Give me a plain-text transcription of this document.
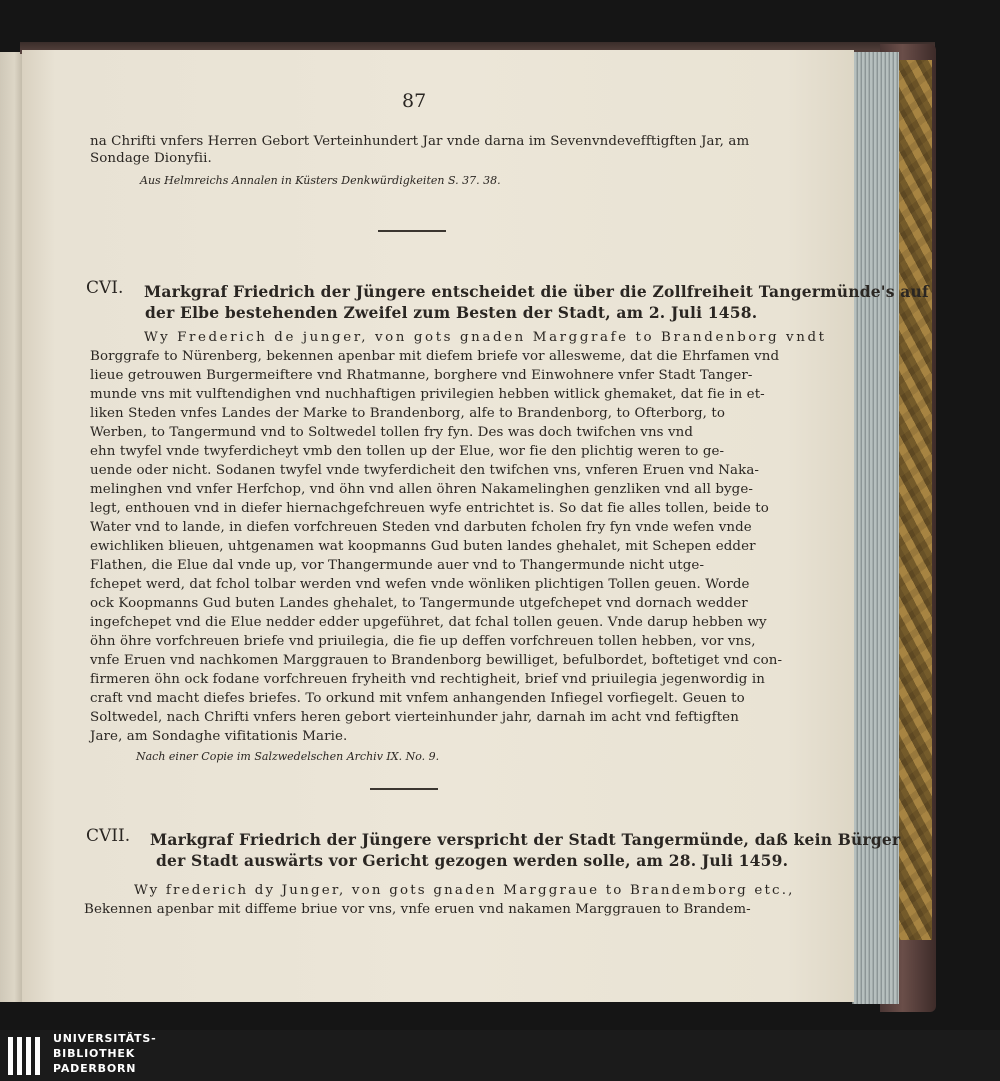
87
na Chrifti vnfers Herren Gebort Verteinhundert Jar vnde darna im Sevenvndevefftigften Jar, am
Sondage Dionyfii.
Aus Helmreichs Annalen in Küsters Denkwürdigkeiten S. 37. 38.
CVI. Markgraf Friedrich der Jüngere entscheidet die über die Zollfreiheit Tangermünde's auf
der Elbe bestehenden Zweifel zum Besten der Stadt, am 2. Juli 1458.
Wy Frederich de junger, von gots gnaden Marggrafe to Brandenborg vndt
Borggrafe to Nürenberg, bekennen apenbar mit diefem briefe vor allesweme, dat die Ehrfamen vnd
lieue getrouwen Burgermeiftere vnd Rhatmanne, borghere vnd Einwohnere vnfer Stadt Tanger-
munde vns mit vulftendighen vnd nuchhaftigen privilegien hebben witlick ghemaket, dat fie in et-
liken Steden vnfes Landes der Marke to Brandenborg, alfe to Brandenborg, to Ofterborg, to
Werben, to Tangermund vnd to Soltwedel tollen fry fyn. Des was doch twifchen vns vnd
ehn twyfel vnde twyferdicheyt vmb den tollen up der Elue, wor fie den plichtig weren to ge-
uende oder nicht. Sodanen twyfel vnde twyferdicheit den twifchen vns, vnferen Eruen vnd Naka-
melinghen vnd vnfer Herfchop, vnd öhn vnd allen öhren Nakamelinghen genzliken vnd all byge-
legt, enthouen vnd in diefer hiernachgefchreuen wyfe entrichtet is. So dat fie alles tollen, beide to
Water vnd to lande, in diefen vorfchreuen Steden vnd darbuten fcholen fry fyn vnde wefen vnde
ewichliken blieuen, uhtgenamen wat koopmanns Gud buten landes ghehalet, mit Schepen edder
Flathen, die Elue dal vnde up, vor Thangermunde auer vnd to Thangermunde nicht utge-
fchepet werd, dat fchol tolbar werden vnd wefen vnde wönliken plichtigen Tollen geuen. Worde
ock Koopmanns Gud buten Landes ghehalet, to Tangermunde utgefchepet vnd dornach wedder
ingefchepet vnd die Elue nedder edder upgeführet, dat fchal tollen geuen. Vnde darup hebben wy
öhn öhre vorfchreuen briefe vnd priuilegia, die fie up deffen vorfchreuen tollen hebben, vor vns,
vnfe Eruen vnd nachkomen Marggrauen to Brandenborg bewilliget, befulbordet, boftetiget vnd con-
firmeren öhn ock fodane vorfchreuen fryheith vnd rechtigheit, brief vnd priuilegia jegenwordig in
craft vnd macht diefes briefes. To orkund mit vnfem anhangenden Infiegel vorfiegelt. Geuen to
Soltwedel, nach Chrifti vnfers heren gebort vierteinhunder jahr, darnah im acht vnd feftigften
Jare, am Sondaghe vifitationis Marie.
Nach einer Copie im Salzwedelschen Archiv IX. No. 9.
CVII. Markgraf Friedrich der Jüngere verspricht der Stadt Tangermünde, daß kein Bürger
der Stadt auswärts vor Gericht gezogen werden solle, am 28. Juli 1459.
Wy frederich dy Junger, von gots gnaden Marggraue to Brandemborg etc.,
Bekennen apenbar mit diffeme briue vor vns, vnfe eruen vnd nakamen Marggrauen to Brandem-
UNIVERSITÄTS-
BIBLIOTHEK
PADERBORN
